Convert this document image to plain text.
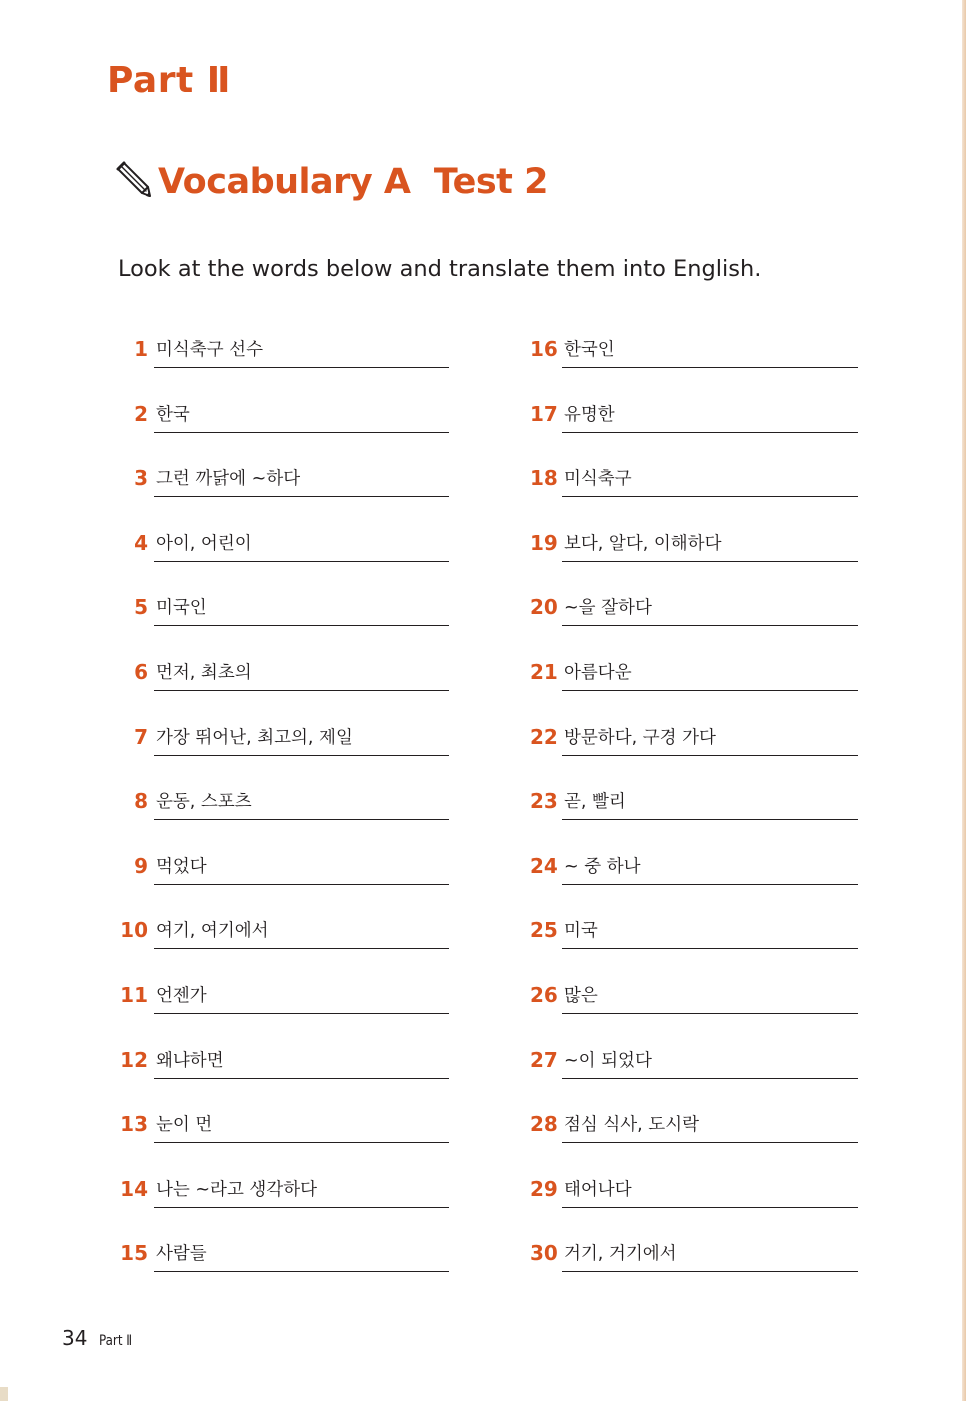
Part Ⅱ
Vocabulary A  Test 2

Look at the words below and translate them into English.

1 미식축구 선수
2 한국
3 그런 까닭에 ~하다
4 아이, 어린이
5 미국인
6 먼저, 최초의
7 가장 뛰어난, 최고의, 제일
8 운동, 스포츠
9 먹었다
10 여기, 여기에서
11 언젠가
12 왜냐하면
13 눈이 먼
14 나는 ~라고 생각하다
15 사람들
16 한국인
17 유명한
18 미식축구
19 보다, 알다, 이해하다
20 ~을 잘하다
21 아름다운
22 방문하다, 구경 가다
23 곧, 빨리
24 ~ 중 하나
25 미국
26 많은
27 ~이 되었다
28 점심 식사, 도시락
29 태어나다
30 거기, 거기에서
34 Part Ⅱ
